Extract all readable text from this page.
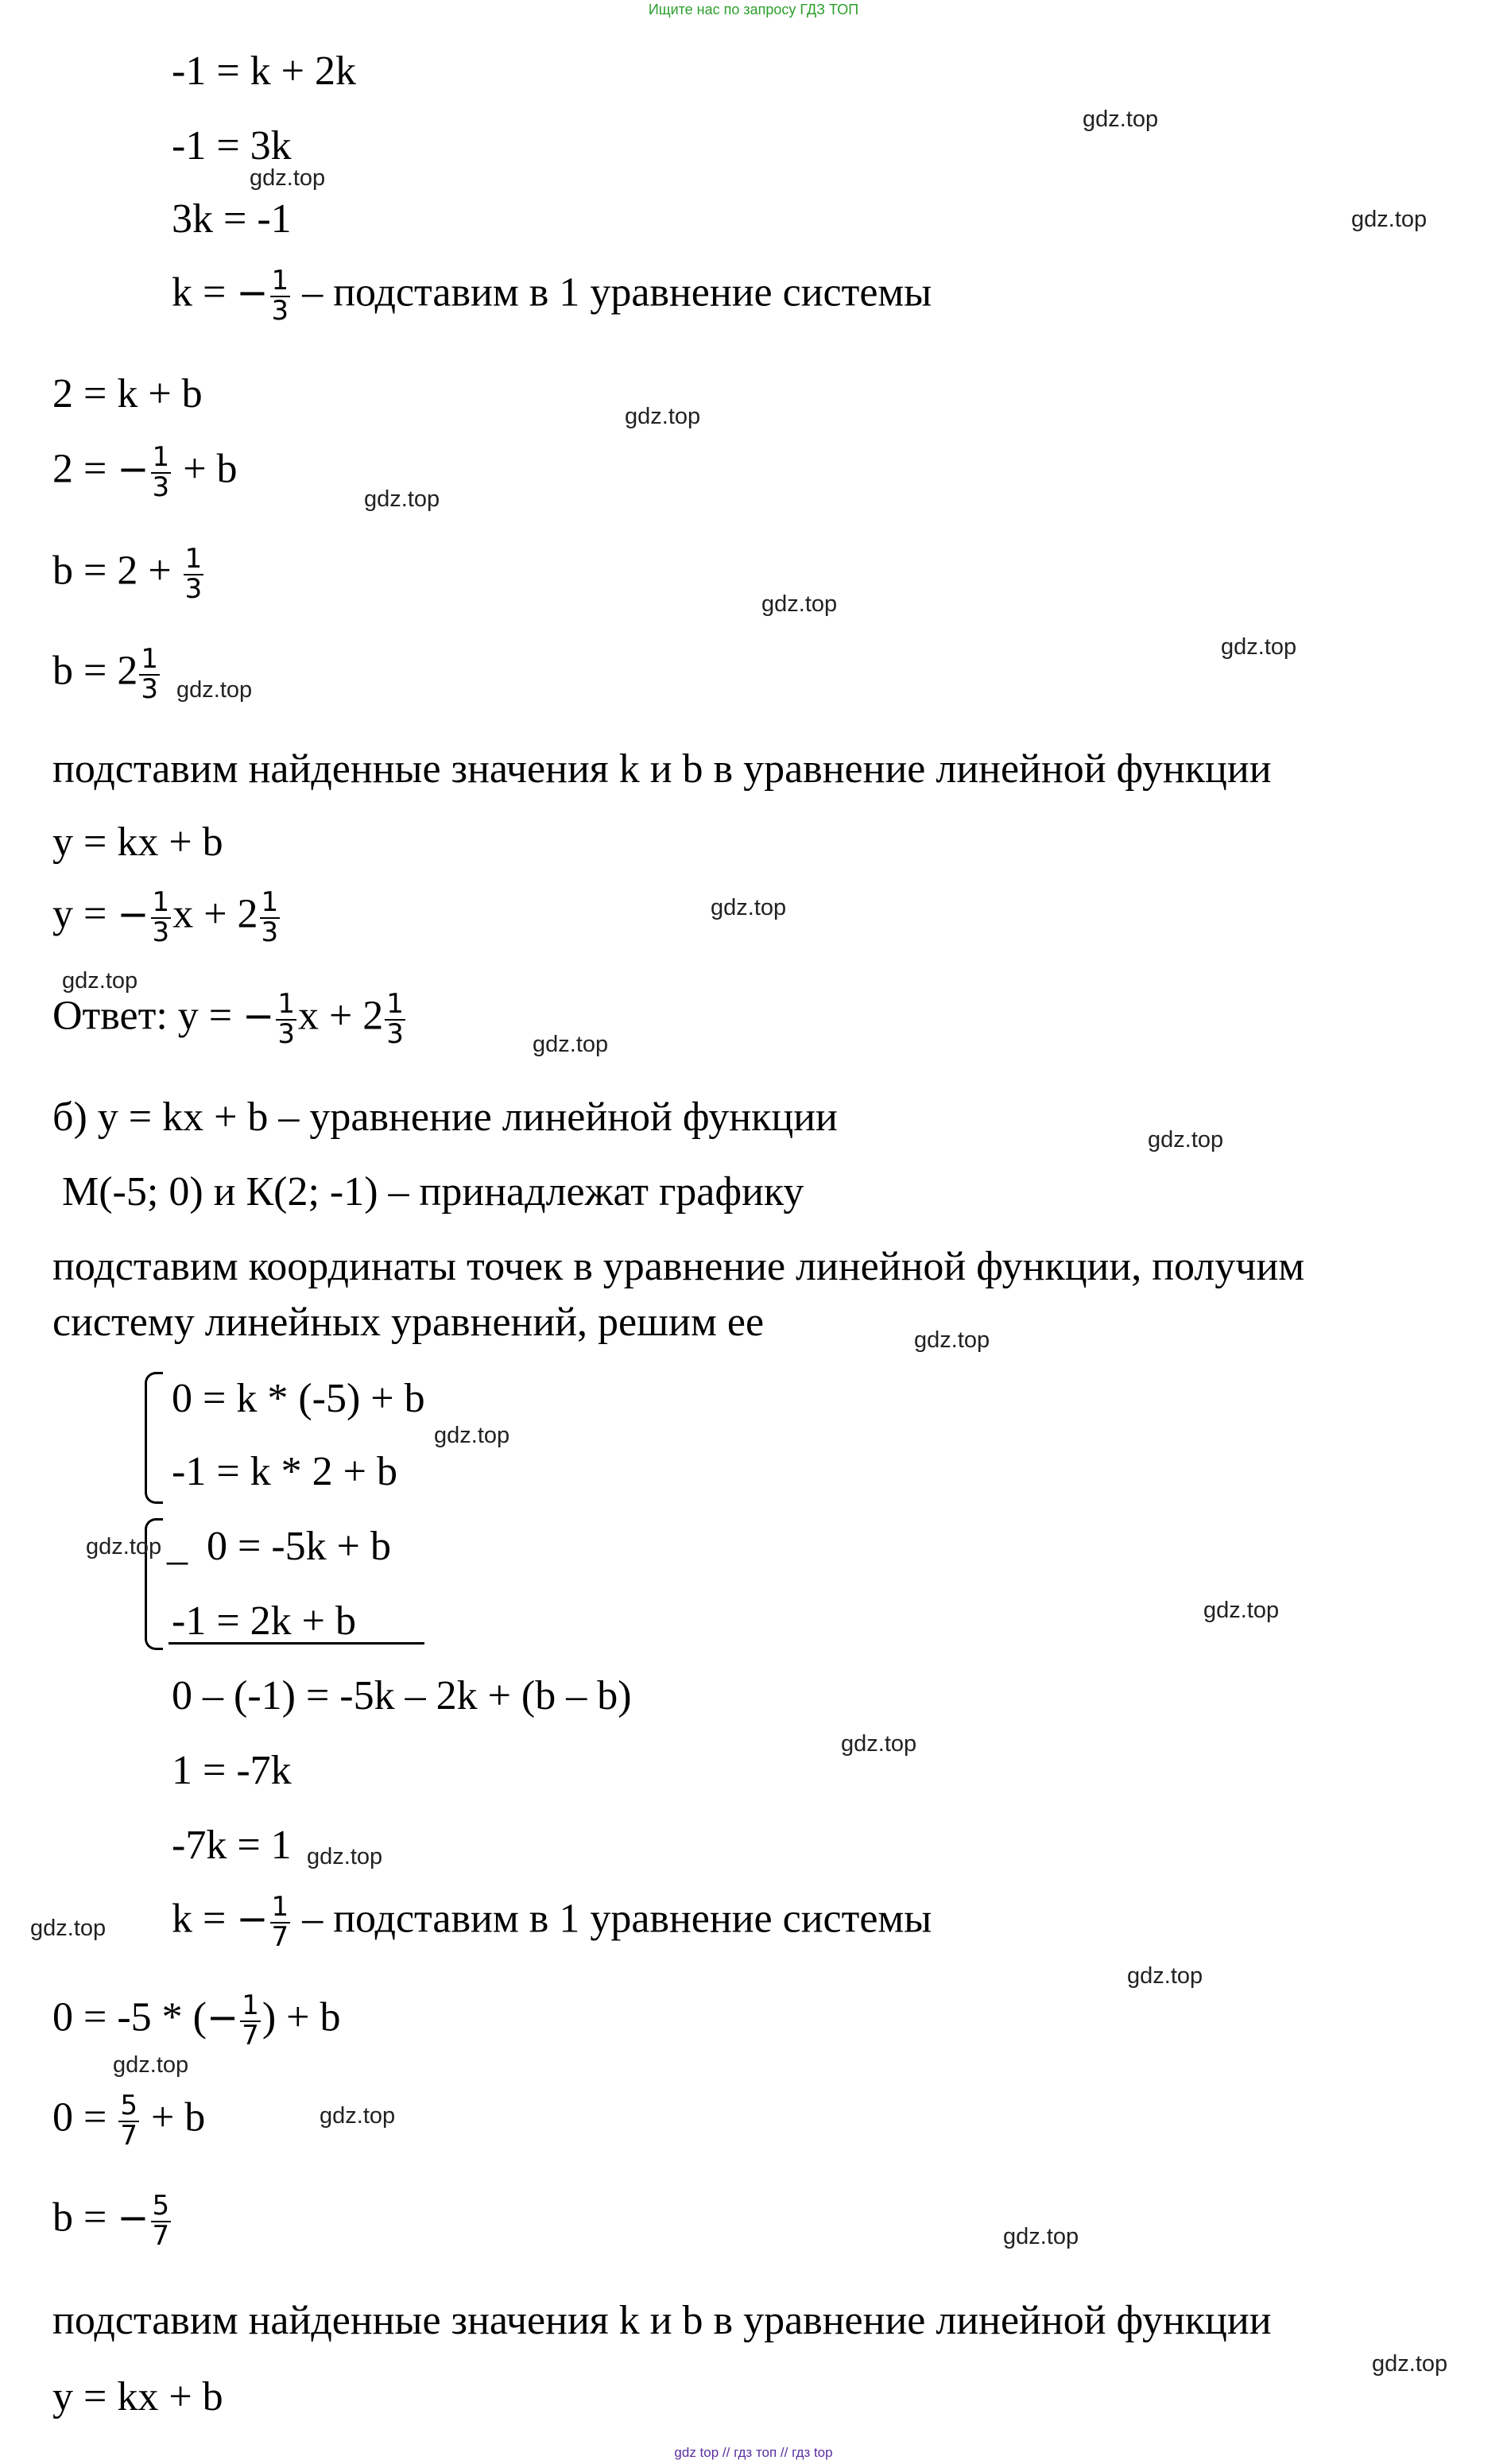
Ищите нас по запросу ГДЗ ТОП
-1 = k + 2k
-1 = 3k
3k = -1
k = − $\frac{1}{3}$ – подставим в 1 уравнение системы
2 = k + b
2 = − $\frac{1}{3} + b$
$b = 2 + \frac{1}{3}$
$b = 2 \frac{1}{3}$
подставим найденные значения k и b в уравнение линейной функции
y = kx + b
y = − $\frac{1}{3}$ $x + 2 \frac{1}{3}$
Ответ: y = − $\frac{1}{3}$ $x + 2 \frac{1}{3}$
б) y = kx + b – уравнение линейной функции
М(-5; 0) и К(2; -1) – принадлежат графику
подставим координаты точек в уравнение линейной функции, получим
систему линейных уравнений, решим ее
0 = k * (-5) + b
-1 = k * 2 + b
_ 0 = -5k + b
-1 = 2k + b
0 – (-1) = -5k – 2k + (b – b)
1 = -7k
-7k = 1
k = − $\frac{1}{7}$ – подставим в 1 уравнение системы
0 = -5 * (− $\frac{1}{7}$ ) + b
$0 = \frac{5}{7} + b$
b = − $\frac{5}{7}$
подставим найденные значения k и b в уравнение линейной функции
y = kx + b
gdz.top
gdz.top
gdz.top
gdz.top
gdz.top
gdz.top
gdz.top
gdz.top
gdz.top
gdz.top
gdz.top
gdz.top
gdz.top
gdz.top
gdz.top
gdz.top
gdz.top
gdz.top
gdz.top
gdz.top
gdz.top
gdz.top
gdz.top
gdz.top
gdz top // гдз топ // гдз top
